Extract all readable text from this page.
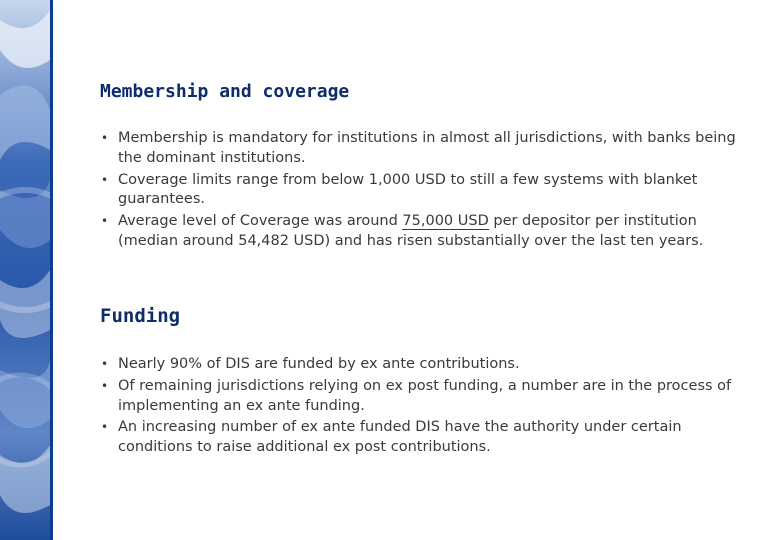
Membership and coverage
• Membership is mandatory for institutions in almost all jurisdictions, with banks being the dominant institutions.
• Coverage limits range from below 1,000 USD to still a few systems with blanket guarantees.
• Average level of Coverage was around 75,000 USD per depositor per institution (median around 54,482 USD) and has risen substantially over the last ten years.
Funding
• Nearly 90% of DIS are funded by ex ante contributions.
• Of remaining jurisdictions relying on ex post funding, a number are in the process of implementing an ex ante funding.
• An increasing number of ex ante funded DIS have the authority under certain conditions to raise additional ex post contributions.
